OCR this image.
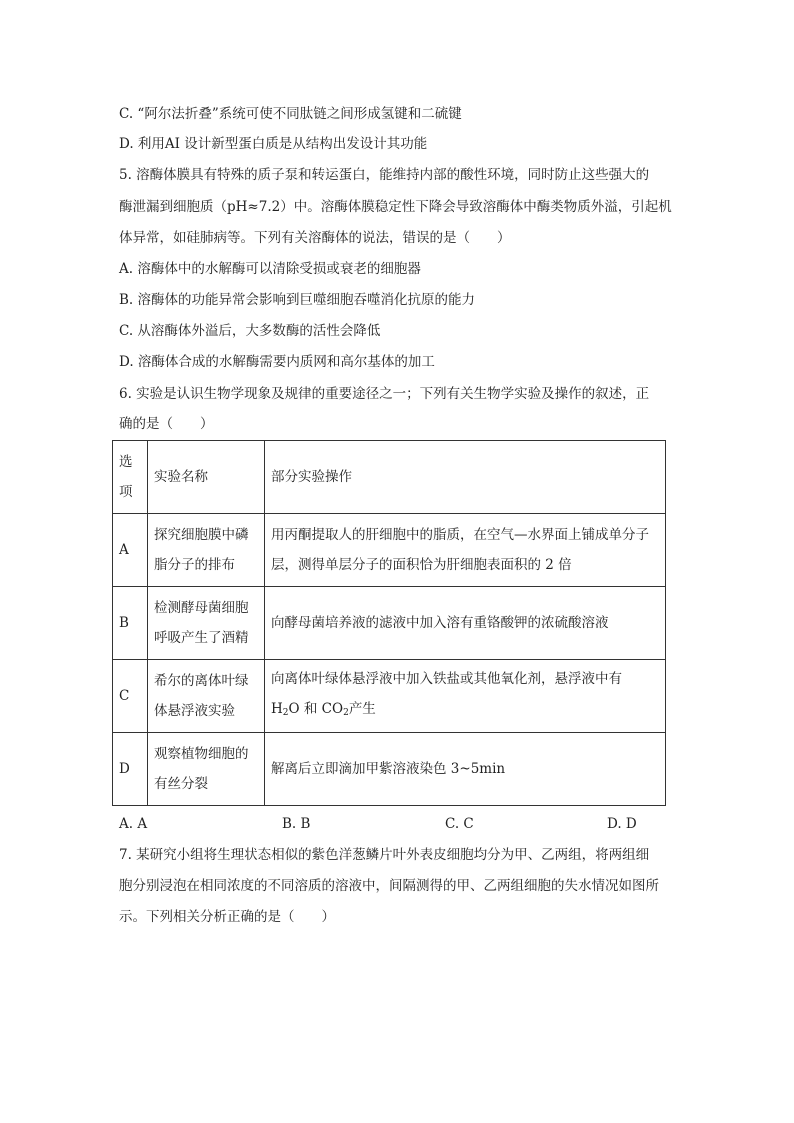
C. “阿尔法折叠”系统可使不同肽链之间形成氢键和二硫键
D. 利用AI 设计新型蛋白质是从结构出发设计其功能
5. 溶酶体膜具有特殊的质子泵和转运蛋白，能维持内部的酸性环境，同时防止这些强大的
酶泄漏到细胞质（pH≈7.2）中。溶酶体膜稳定性下降会导致溶酶体中酶类物质外溢，引起机
体异常，如硅肺病等。下列有关溶酶体的说法，错误的是（　　）
A. 溶酶体中的水解酶可以清除受损或衰老的细胞器
B. 溶酶体的功能异常会影响到巨噬细胞吞噬消化抗原的能力
C. 从溶酶体外溢后，大多数酶的活性会降低
D. 溶酶体合成的水解酶需要内质网和高尔基体的加工
6. 实验是认识生物学现象及规律的重要途径之一；下列有关生物学实验及操作的叙述，正
确的是（　　）
选项	实验名称	部分实验操作
A	探究细胞膜中磷脂分子的排布	用丙酮提取人的肝细胞中的脂质，在空气—水界面上铺成单分子层，测得单层分子的面积恰为肝细胞表面积的 2 倍
B	检测酵母菌细胞呼吸产生了酒精	向酵母菌培养液的滤液中加入溶有重铬酸钾的浓硫酸溶液
C	希尔的离体叶绿体悬浮液实验	向离体叶绿体悬浮液中加入铁盐或其他氧化剂，悬浮液中有
$H_2O$ 和 $CO_2$产生
D	观察植物细胞的有丝分裂	解离后立即滴加甲紫溶液染色 3~5min
A. A	B. B	C. C	D. D
7. 某研究小组将生理状态相似的紫色洋葱鳞片叶外表皮细胞均分为甲、乙两组，将两组细
胞分别浸泡在相同浓度的不同溶质的溶液中，间隔测得的甲、乙两组细胞的失水情况如图所
示。下列相关分析正确的是（　　）
